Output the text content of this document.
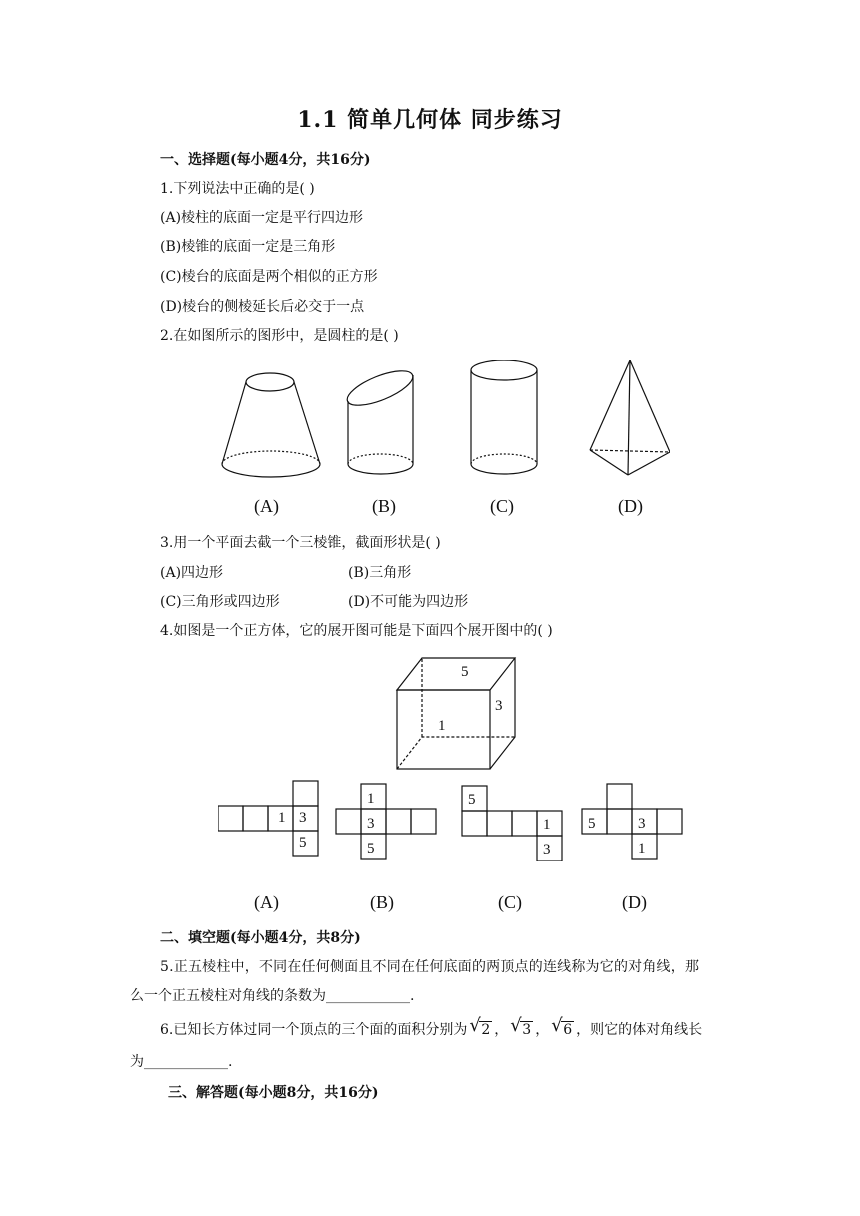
1.1 简单几何体 同步练习
一、选择题(每小题4分，共16分)
1.下列说法中正确的是( )
(A)棱柱的底面一定是平行四边形
(B)棱锥的底面一定是三角形
(C)棱台的底面是两个相似的正方形
(D)棱台的侧棱延长后必交于一点
2.在如图所示的图形中，是圆柱的是( )
(A)	(B)	(C)	(D)
3.用一个平面去截一个三棱锥，截面形状是( )
(A)四边形	(B)三角形
(C)三角形或四边形	(D)不可能为四边形
4.如图是一个正方体，它的展开图可能是下面四个展开图中的( )
5
3
1
1 3
5
1
3
5
5
1
3
5	3
1
(A)	(B)	(C)	(D)
二、填空题(每小题4分，共8分)
5.正五棱柱中，不同在任何侧面且不同在任何底面的两顶点的连线称为它的对角线，那
么一个正五棱柱对角线的条数为____________.
6.已知长方体过同一个顶点的三个面的面积分别为 √ 2 ， √ 3 ， √ 6 ，则它的体对角线长
为____________.
三、解答题(每小题8分，共16分)
